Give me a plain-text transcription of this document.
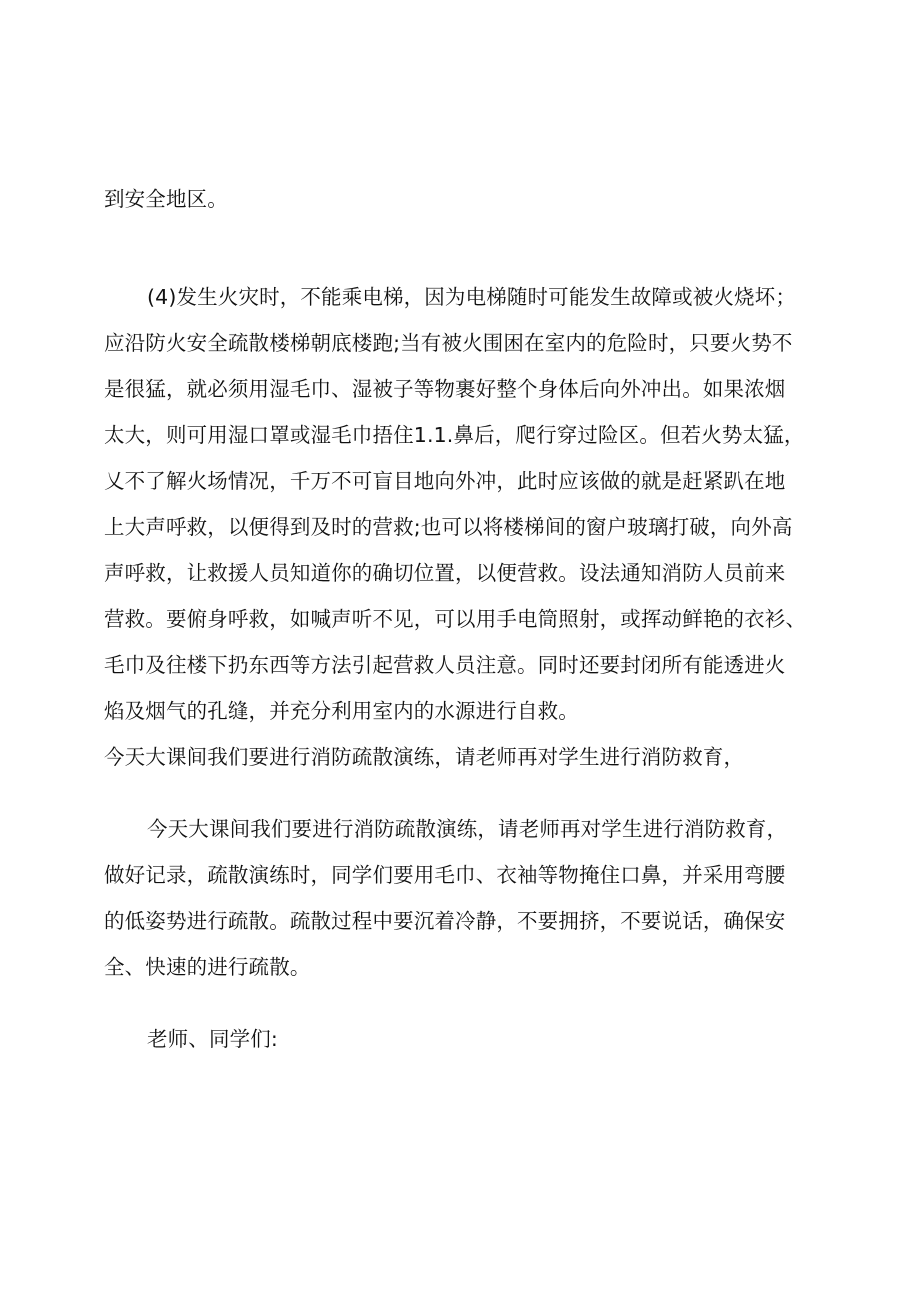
到安全地区。

(4)发生火灾时，不能乘电梯，因为电梯随时可能发生故障或被火烧坏；

应沿防火安全疏散楼梯朝底楼跑;当有被火围困在室内的危险时，只要火势不

是很猛，就必须用湿毛巾、湿被子等物裹好整个身体后向外冲出。如果浓烟

太大，则可用湿口罩或湿毛巾捂住1.1.鼻后，爬行穿过险区。但若火势太猛，

乂不了解火场情况，千万不可盲目地向外冲，此时应该做的就是赶紧趴在地

上大声呼救，以便得到及时的营救;也可以将楼梯间的窗户玻璃打破，向外高

声呼救，让救援人员知道你的确切位置，以便营救。设法通知消防人员前来

营救。要俯身呼救，如喊声听不见，可以用手电筒照射，或挥动鲜艳的衣衫、

毛巾及往楼下扔东西等方法引起营救人员注意。同时还要封闭所有能透进火

焰及烟气的孔缝，并充分利用室内的水源进行自救。

今天大课间我们要进行消防疏散演练，请老师再对学生进行消防救育，

今天大课间我们要进行消防疏散演练，请老师再对学生进行消防救育，

做好记录，疏散演练时，同学们要用毛巾、衣袖等物掩住口鼻，并采用弯腰

的低姿势进行疏散。疏散过程中要沉着冷静，不要拥挤，不要说话，确保安

全、快速的进行疏散。

老师、同学们:
